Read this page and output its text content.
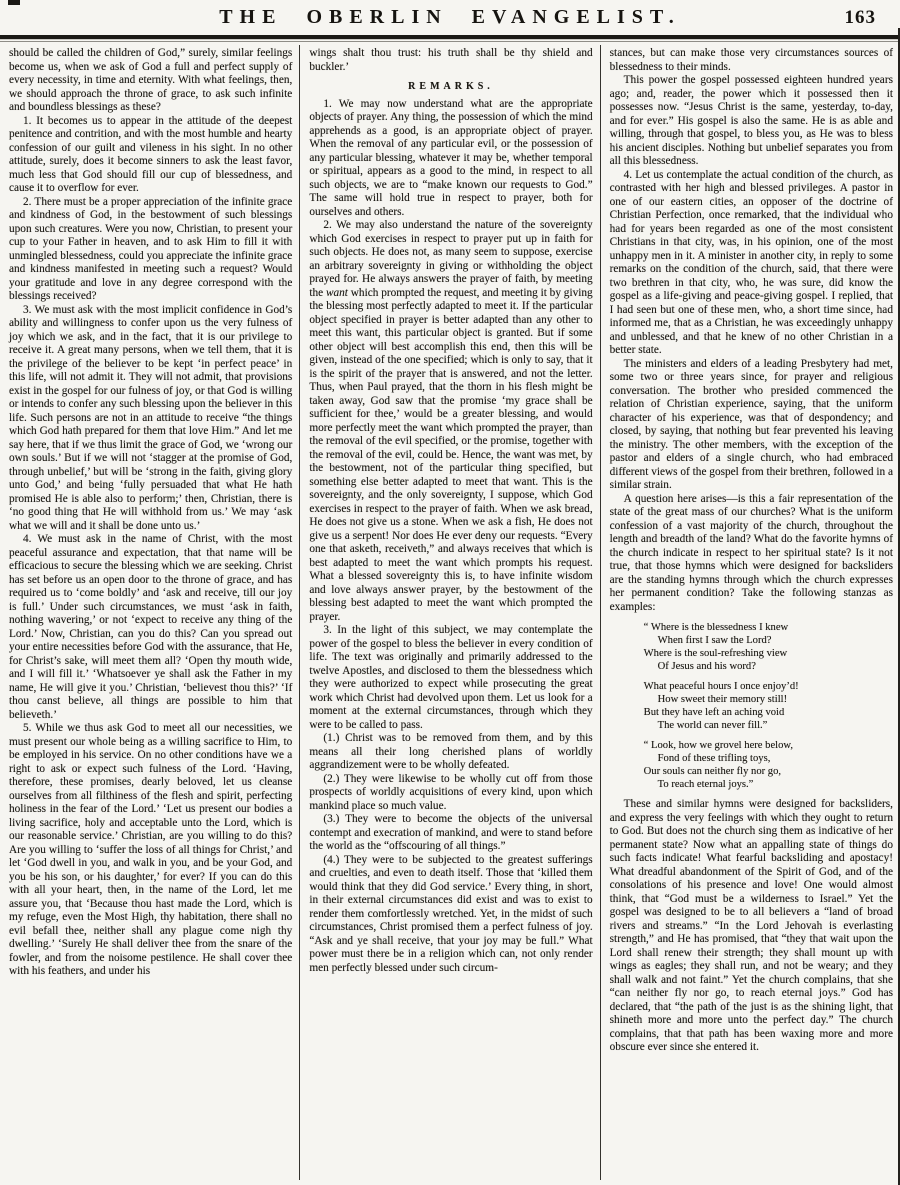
THE OBERLIN EVANGELIST.	163

should be called the children of God,” surely, similar feelings become us, when we ask of God a full and perfect supply of every necessity, in time and eternity. With what feelings, then, we should approach the throne of grace, to ask such infinite and boundless blessings as these?

1. It becomes us to appear in the attitude of the deepest penitence and contrition, and with the most humble and hearty confession of our guilt and vileness in his sight. In no other attitude, surely, does it become sinners to ask the least favor, much less that God should fill our cup of blessedness, and cause it to overflow for ever.

2. There must be a proper appreciation of the infinite grace and kindness of God, in the bestowment of such blessings upon such creatures. Were you now, Christian, to present your cup to your Father in heaven, and to ask Him to fill it with unmingled blessedness, could you appreciate the infinite grace and kindness manifested in meeting such a request? Would your gratitude and love in any degree correspond with the blessings received?

3. We must ask with the most implicit confidence in God’s ability and willingness to confer upon us the very fulness of joy which we ask, and in the fact, that it is our privilege to receive it. A great many persons, when we tell them, that it is the privilege of the believer to be kept ‘in perfect peace’ in this life, will not admit it. They will not admit, that provisions exist in the gospel for our fulness of joy, or that God is willing or intends to confer any such blessing upon the believer in this life. Such persons are not in an attitude to receive “the things which God hath prepared for them that love Him.” And let me say here, that if we thus limit the grace of God, we ‘wrong our own souls.’ But if we will not ‘stagger at the promise of God, through unbelief,’ but will be ‘strong in the faith, giving glory unto God,’ and being ‘fully persuaded that what He hath promised He is able also to perform;’ then, Christian, there is ‘no good thing that He will withhold from us.’ We may ‘ask what we will and it shall be done unto us.’

4. We must ask in the name of Christ, with the most peaceful assurance and expectation, that that name will be efficacious to secure the blessing which we are seeking. Christ has set before us an open door to the throne of grace, and has required us to ‘come boldly’ and ‘ask and receive, till our joy is full.’ Under such circumstances, we must ‘ask in faith, nothing wavering,’ or not ‘expect to receive any thing of the Lord.’ Now, Christian, can you do this? Can you spread out your entire necessities before God with the assurance, that He, for Christ’s sake, will meet them all? ‘Open thy mouth wide, and I will fill it.’ ‘Whatsoever ye shall ask the Father in my name, He will give it you.’ Christian, ‘believest thou this?’ ‘If thou canst believe, all things are possible to him that believeth.’

5. While we thus ask God to meet all our necessities, we must present our whole being as a willing sacrifice to Him, to be employed in his service. On no other conditions have we a right to ask or expect such fulness of the Lord. ‘Having, therefore, these promises, dearly beloved, let us cleanse ourselves from all filthiness of the flesh and spirit, perfecting holiness in the fear of the Lord.’ ‘Let us present our bodies a living sacrifice, holy and acceptable unto the Lord, which is our reasonable service.’ Christian, are you willing to do this? Are you willing to ‘suffer the loss of all things for Christ,’ and let ‘God dwell in you, and walk in you, and be your God, and you be his son, or his daughter,’ for ever? If you can do this with all your heart, then, in the name of the Lord, let me assure you, that ‘Because thou hast made the Lord, which is my refuge, even the Most High, thy habitation, there shall no evil befall thee, neither shall any plague come nigh thy dwelling.’ ‘Surely He shall deliver thee from the snare of the fowler, and from the noisome pestilence. He shall cover thee with his feathers, and under his

wings shalt thou trust: his truth shall be thy shield and buckler.’

REMARKS.

1. We may now understand what are the appropriate objects of prayer. Any thing, the possession of which the mind apprehends as a good, is an appropriate object of prayer. When the removal of any particular evil, or the possession of any particular blessing, whatever it may be, whether temporal or spiritual, appears as a good to the mind, in respect to all such objects, we are to “make known our requests to God.” The same will hold true in respect to prayer, both for ourselves and others.

2. We may also understand the nature of the sovereignty which God exercises in respect to prayer put up in faith for such objects. He does not, as many seem to suppose, exercise an arbitrary sovereignty in giving or withholding the object prayed for. He always answers the prayer of faith, by meeting the want which prompted the request, and meeting it by giving the blessing most perfectly adapted to meet it. If the particular object specified in prayer is better adapted than any other to meet this want, this particular object is granted. But if some other object will best accomplish this end, then this will be given, instead of the one specified; which is only to say, that it is the spirit of the prayer that is answered, and not the letter. Thus, when Paul prayed, that the thorn in his flesh might be taken away, God saw that the promise ‘my grace shall be sufficient for thee,’ would be a greater blessing, and would more perfectly meet the want which prompted the prayer, than the removal of the evil specified, or the promise, together with the removal of the evil, could be. Hence, the want was met, by the bestowment, not of the particular thing specified, but something else better adapted to meet that want. This is the sovereignty, and the only sovereignty, I suppose, which God exercises in respect to the prayer of faith. When we ask bread, He does not give us a stone. When we ask a fish, He does not give us a serpent! Nor does He ever deny our requests. “Every one that asketh, receiveth,” and always receives that which is best adapted to meet the want which prompts his request. What a blessed sovereignty this is, to have infinite wisdom and love always answer prayer, by the bestowment of the blessing best adapted to meet the want which prompted the prayer.

3. In the light of this subject, we may contemplate the power of the gospel to bless the believer in every condition of life. The text was originally and primarily addressed to the twelve Apostles, and disclosed to them the blessedness which they were authorized to expect while prosecuting the great work which Christ had devolved upon them. Let us look for a moment at the external circumstances, through which they were to be called to pass.

(1.) Christ was to be removed from them, and by this means all their long cherished plans of worldly aggrandizement were to be wholly defeated.

(2.) They were likewise to be wholly cut off from those prospects of worldly acquisitions of every kind, upon which mankind place so much value.

(3.) They were to become the objects of the universal contempt and execration of mankind, and were to stand before the world as the “offscouring of all things.”

(4.) They were to be subjected to the greatest sufferings and cruelties, and even to death itself. Those that ‘killed them would think that they did God service.’ Every thing, in short, in their external circumstances did exist and was to exist to render them comfortlessly wretched. Yet, in the midst of such circumstances, Christ promised them a perfect fulness of joy. “Ask and ye shall receive, that your joy may be full.” What power must there be in a religion which can, not only render men perfectly blessed under such circum-

stances, but can make those very circumstances sources of blessedness to their minds.

This power the gospel possessed eighteen hundred years ago; and, reader, the power which it possessed then it possesses now. “Jesus Christ is the same, yesterday, to-day, and for ever.” His gospel is also the same. He is as able and willing, through that gospel, to bless you, as He was to bless his ancient disciples. Nothing but unbelief separates you from all this blessedness.

4. Let us contemplate the actual condition of the church, as contrasted with her high and blessed privileges. A pastor in one of our eastern cities, an opposer of the doctrine of Christian Perfection, once remarked, that the individual who had for years been regarded as one of the most consistent Christians in that city, was, in his opinion, one of the most unhappy men in it. A minister in another city, in reply to some remarks on the condition of the church, said, that there were two brethren in that city, who, he was sure, did know the gospel as a life-giving and peace-giving gospel. I replied, that I had seen but one of these men, who, a short time since, had informed me, that as a Christian, he was exceedingly unhappy and unblessed, and that he knew of no other Christian in a better state.

The ministers and elders of a leading Presbytery had met, some two or three years since, for prayer and religious conversation. The brother who presided commenced the relation of Christian experience, saying, that the uniform character of his experience, was that of despondency; and closed, by saying, that nothing but fear prevented his leaving the ministry. The other members, with the exception of the pastor and elders of a single church, who had embraced different views of the gospel from their brethren, followed in a similar strain.

A question here arises—is this a fair representation of the state of the great mass of our churches? What is the uniform confession of a vast majority of the church, throughout the length and breadth of the land? What do the favorite hymns of the church indicate in respect to her spiritual state? Is it not true, that those hymns which were designed for backsliders are the standing hymns through which the church expresses her permanent condition? Take the following stanzas as examples:

“ Where is the blessedness I knew
When first I saw the Lord?
Where is the soul-refreshing view
Of Jesus and his word?
What peaceful hours I once enjoy’d!
How sweet their memory still!
But they have left an aching void
The world can never fill.”
“ Look, how we grovel here below,
Fond of these trifling toys,
Our souls can neither fly nor go,
To reach eternal joys.”

These and similar hymns were designed for backsliders, and express the very feelings with which they ought to return to God. But does not the church sing them as indicative of her permanent state? Now what an appalling state of things do such facts indicate! What fearful backsliding and apostacy! What dreadful abandonment of the Spirit of God, and of the consolations of his presence and love! One would almost think, that “God must be a wilderness to Israel.” Yet the gospel was designed to be to all believers a “land of broad rivers and streams.” “In the Lord Jehovah is everlasting strength,” and He has promised, that “they that wait upon the Lord shall renew their strength; they shall mount up with wings as eagles; they shall run, and not be weary; and they shall walk and not faint.” Yet the church complains, that she “can neither fly nor go, to reach eternal joys.” God has declared, that “the path of the just is as the shining light, that shineth more and more unto the perfect day.” The church complains, that that path has been waxing more and more obscure ever since she entered it.
